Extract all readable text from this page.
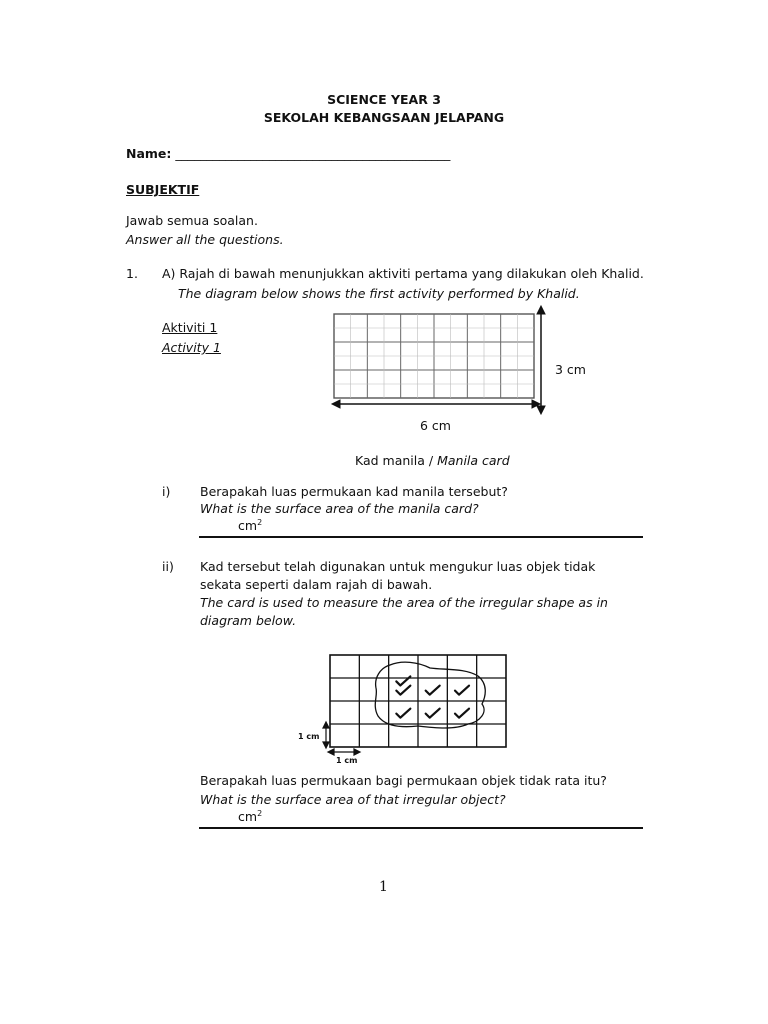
SCIENCE YEAR 3
SEKOLAH KEBANGSAAN JELAPANG
Name: ____________________________________________
SUBJEKTIF
Jawab semua soalan.
Answer all the questions.
1. A) Rajah di bawah menunjukkan aktiviti pertama yang dilakukan oleh Khalid.
The diagram below shows the first activity performed by Khalid.
Aktiviti 1
Activity 1
3 cm
6 cm
Kad manila / Manila card
i) Berapakah luas permukaan kad manila tersebut?
What is the surface area of the manila card?
$cm^2$
ii) Kad tersebut telah digunakan untuk mengukur luas objek tidak
sekata seperti dalam rajah di bawah.
The card is used to measure the area of the irregular shape as in
diagram below.
1 cm
1 cm
Berapakah luas permukaan bagi permukaan objek tidak rata itu?
What is the surface area of that irregular object?
$cm^2$
1
